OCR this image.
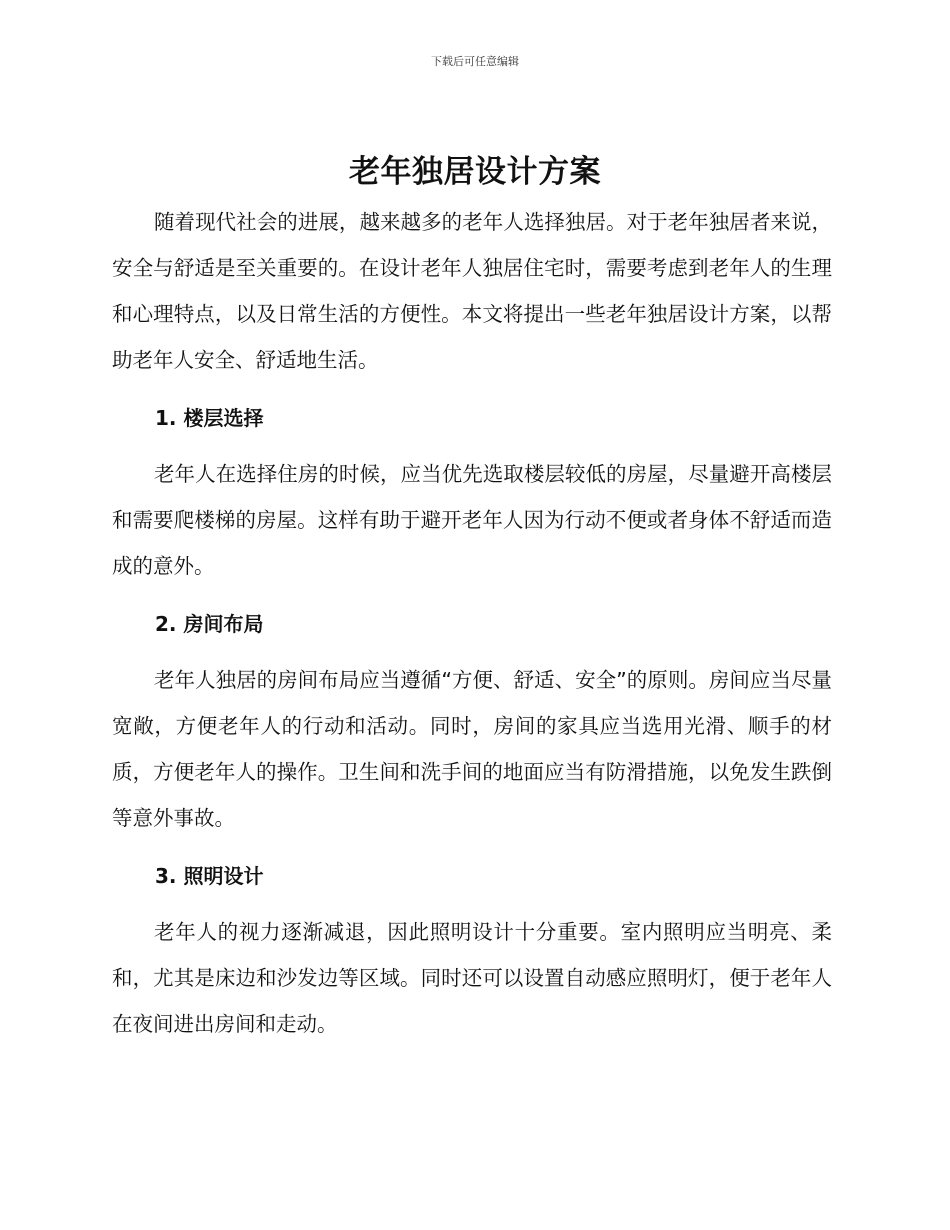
下载后可任意编辑
老年独居设计方案

随着现代社会的进展，越来越多的老年人选择独居。对于老年独居者来说，安全与舒适是至关重要的。在设计老年人独居住宅时，需要考虑到老年人的生理和心理特点，以及日常生活的方便性。本文将提出一些老年独居设计方案，以帮助老年人安全、舒适地生活。

1. 楼层选择

老年人在选择住房的时候，应当优先选取楼层较低的房屋，尽量避开高楼层和需要爬楼梯的房屋。这样有助于避开老年人因为行动不便或者身体不舒适而造成的意外。

2. 房间布局

老年人独居的房间布局应当遵循“方便、舒适、安全”的原则。房间应当尽量宽敞，方便老年人的行动和活动。同时，房间的家具应当选用光滑、顺手的材质，方便老年人的操作。卫生间和洗手间的地面应当有防滑措施，以免发生跌倒等意外事故。

3. 照明设计

老年人的视力逐渐减退，因此照明设计十分重要。室内照明应当明亮、柔和，尤其是床边和沙发边等区域。同时还可以设置自动感应照明灯，便于老年人在夜间进出房间和走动。
